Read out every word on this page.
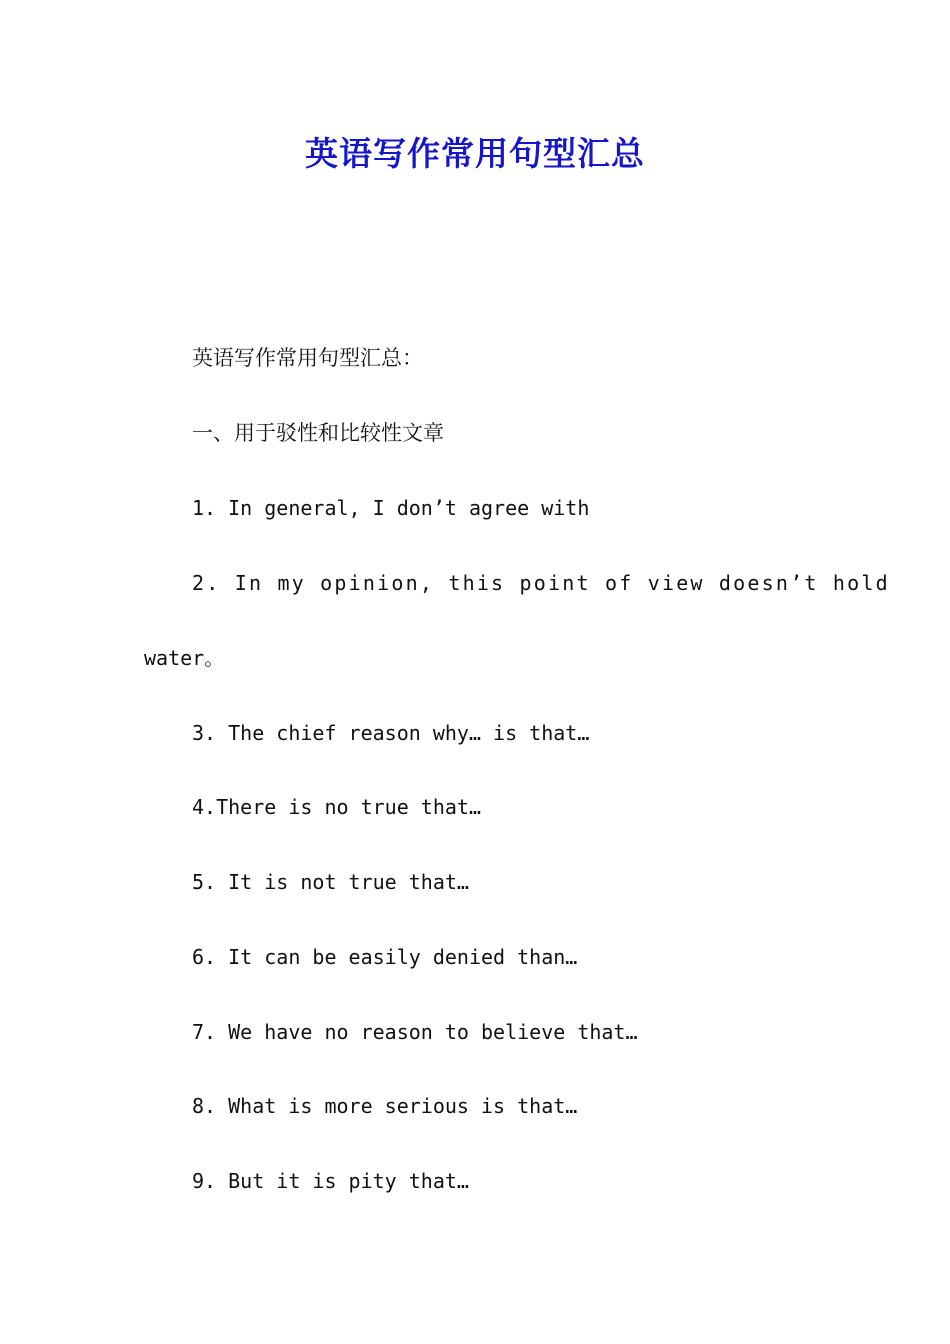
英语写作常用句型汇总

英语写作常用句型汇总：

一、用于驳性和比较性文章

1. In general, I don’t agree with

2. In my opinion, this point of view doesn’t hold

water。

3. The chief reason why… is that…

4.There is no true that…

5. It is not true that…

6. It can be easily denied than…

7. We have no reason to believe that…

8. What is more serious is that…

9. But it is pity that…
